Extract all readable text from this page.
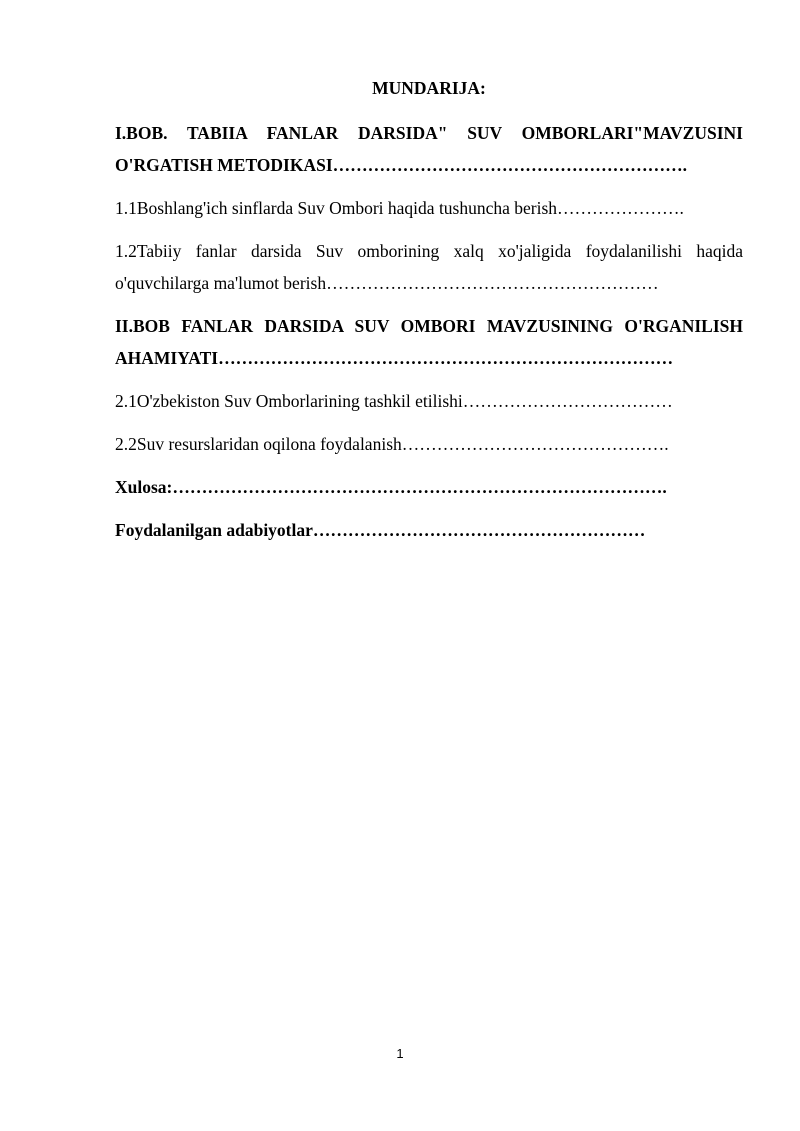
MUNDARIJA:
I.BOB. TABIIA FANLAR DARSIDA" SUV OMBORLARI"MAVZUSINI O'RGATISH METODIKASI…………………………………………………….
1.1Boshlang'ich sinflarda Suv Ombori haqida tushuncha berish………………….
1.2Tabiiy fanlar darsida Suv omborining xalq xo'jaligida foydalanilishi haqida o'quvchilarga ma'lumot berish…………………………………………………
II.BOB FANLAR DARSIDA SUV OMBORI MAVZUSINING O'RGANILISH AHAMIYATI……………………………………………………………………
2.1O'zbekiston Suv Omborlarining tashkil etilishi………………………………
2.2Suv resurslaridan oqilona foydalanish……………………………………….
Xulosa:………………………………………………………………………….
Foydalanilgan adabiyotlar…………………………………………………
1
